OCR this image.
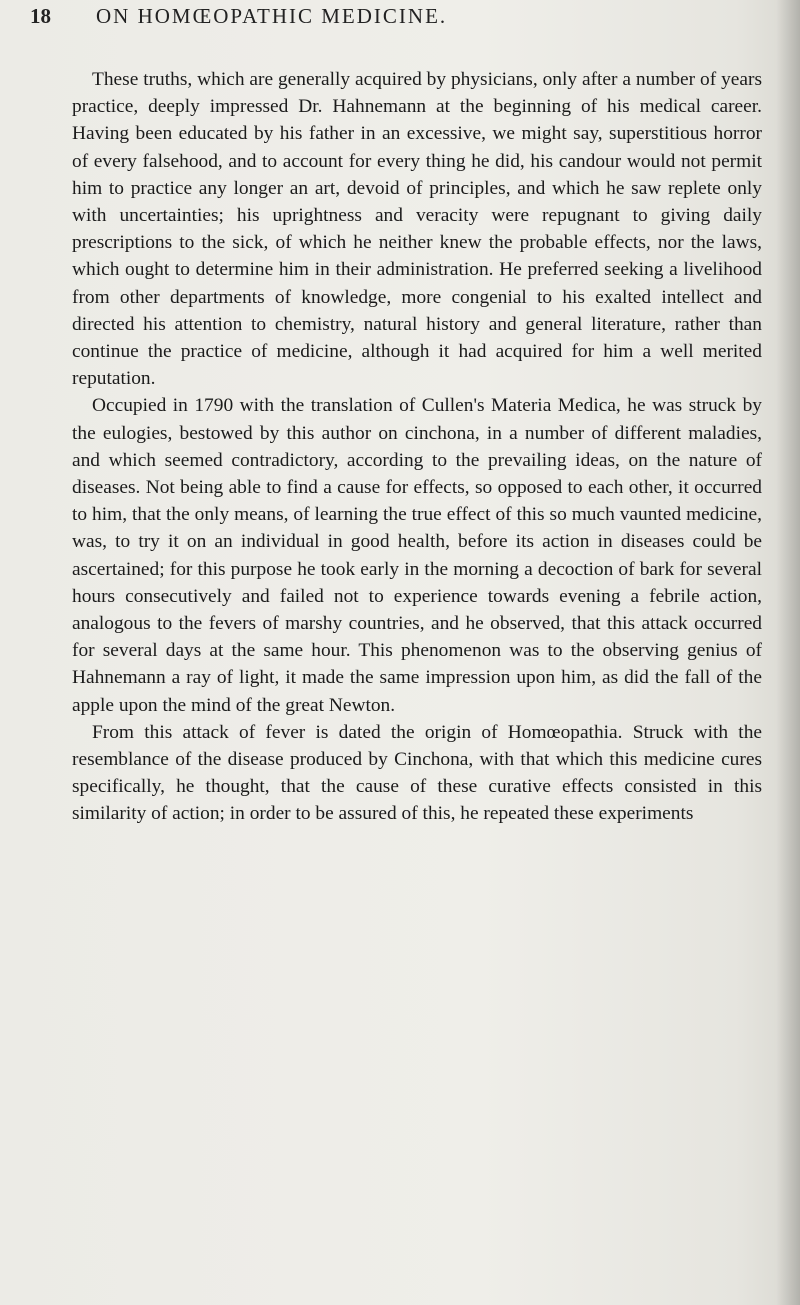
18 ON HOMŒOPATHIC MEDICINE.

These truths, which are generally acquired by physicians, only after a number of years practice, deeply impressed Dr. Hahnemann at the beginning of his medical career. Having been educated by his father in an excessive, we might say, superstitious horror of every falsehood, and to account for every thing he did, his candour would not permit him to practice any longer an art, devoid of principles, and which he saw replete only with uncertainties; his uprightness and veracity were repugnant to giving daily prescriptions to the sick, of which he neither knew the probable effects, nor the laws, which ought to determine him in their administration. He preferred seeking a livelihood from other departments of knowledge, more congenial to his exalted intellect and directed his attention to chemistry, natural history and general literature, rather than continue the practice of medicine, although it had acquired for him a well merited reputation.

Occupied in 1790 with the translation of Cullen's Materia Medica, he was struck by the eulogies, bestowed by this author on cinchona, in a number of different maladies, and which seemed contradictory, according to the prevailing ideas, on the nature of diseases. Not being able to find a cause for effects, so opposed to each other, it occurred to him, that the only means, of learning the true effect of this so much vaunted medicine, was, to try it on an individual in good health, before its action in diseases could be ascertained; for this purpose he took early in the morning a decoction of bark for several hours consecutively and failed not to experience towards evening a febrile action, analogous to the fevers of marshy countries, and he observed, that this attack occurred for several days at the same hour. This phenomenon was to the observing genius of Hahnemann a ray of light, it made the same impression upon him, as did the fall of the apple upon the mind of the great Newton.

From this attack of fever is dated the origin of Homœopathia. Struck with the resemblance of the disease produced by Cinchona, with that which this medicine cures specifically, he thought, that the cause of these curative effects consisted in this similarity of action; in order to be assured of this, he repeated these experiments
